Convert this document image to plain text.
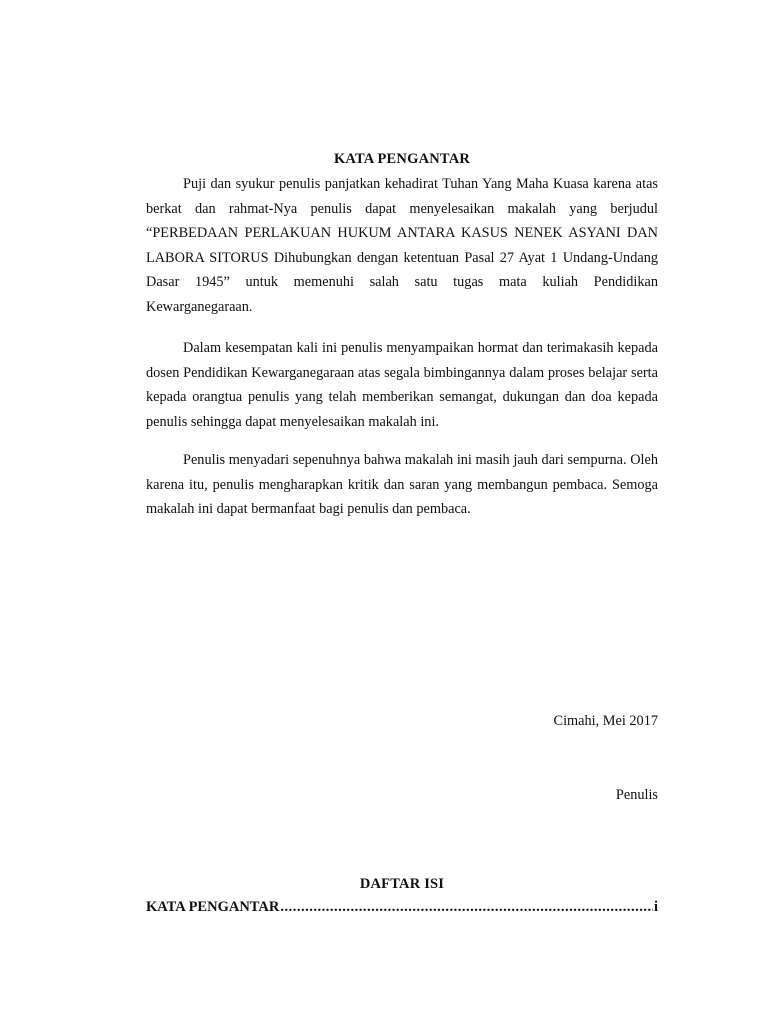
KATA PENGANTAR

Puji dan syukur penulis panjatkan kehadirat Tuhan Yang Maha Kuasa karena atas berkat dan rahmat-Nya penulis dapat menyelesaikan makalah yang berjudul “PERBEDAAN PERLAKUAN HUKUM ANTARA KASUS NENEK ASYANI DAN LABORA SITORUS Dihubungkan dengan ketentuan Pasal 27 Ayat 1 Undang-Undang Dasar 1945” untuk memenuhi salah satu tugas mata kuliah Pendidikan Kewarganegaraan.

Dalam kesempatan kali ini penulis menyampaikan hormat dan terimakasih kepada dosen Pendidikan Kewarganegaraan atas segala bimbingannya dalam proses belajar serta kepada orangtua penulis yang telah memberikan semangat, dukungan dan doa kepada penulis sehingga dapat menyelesaikan makalah ini.

Penulis menyadari sepenuhnya bahwa makalah ini masih jauh dari sempurna. Oleh karena itu, penulis mengharapkan kritik dan saran yang membangun pembaca. Semoga makalah ini dapat bermanfaat bagi penulis dan pembaca.

Cimahi, Mei 2017
Penulis
DAFTAR ISI
KATA PENGANTAR
.....	i
